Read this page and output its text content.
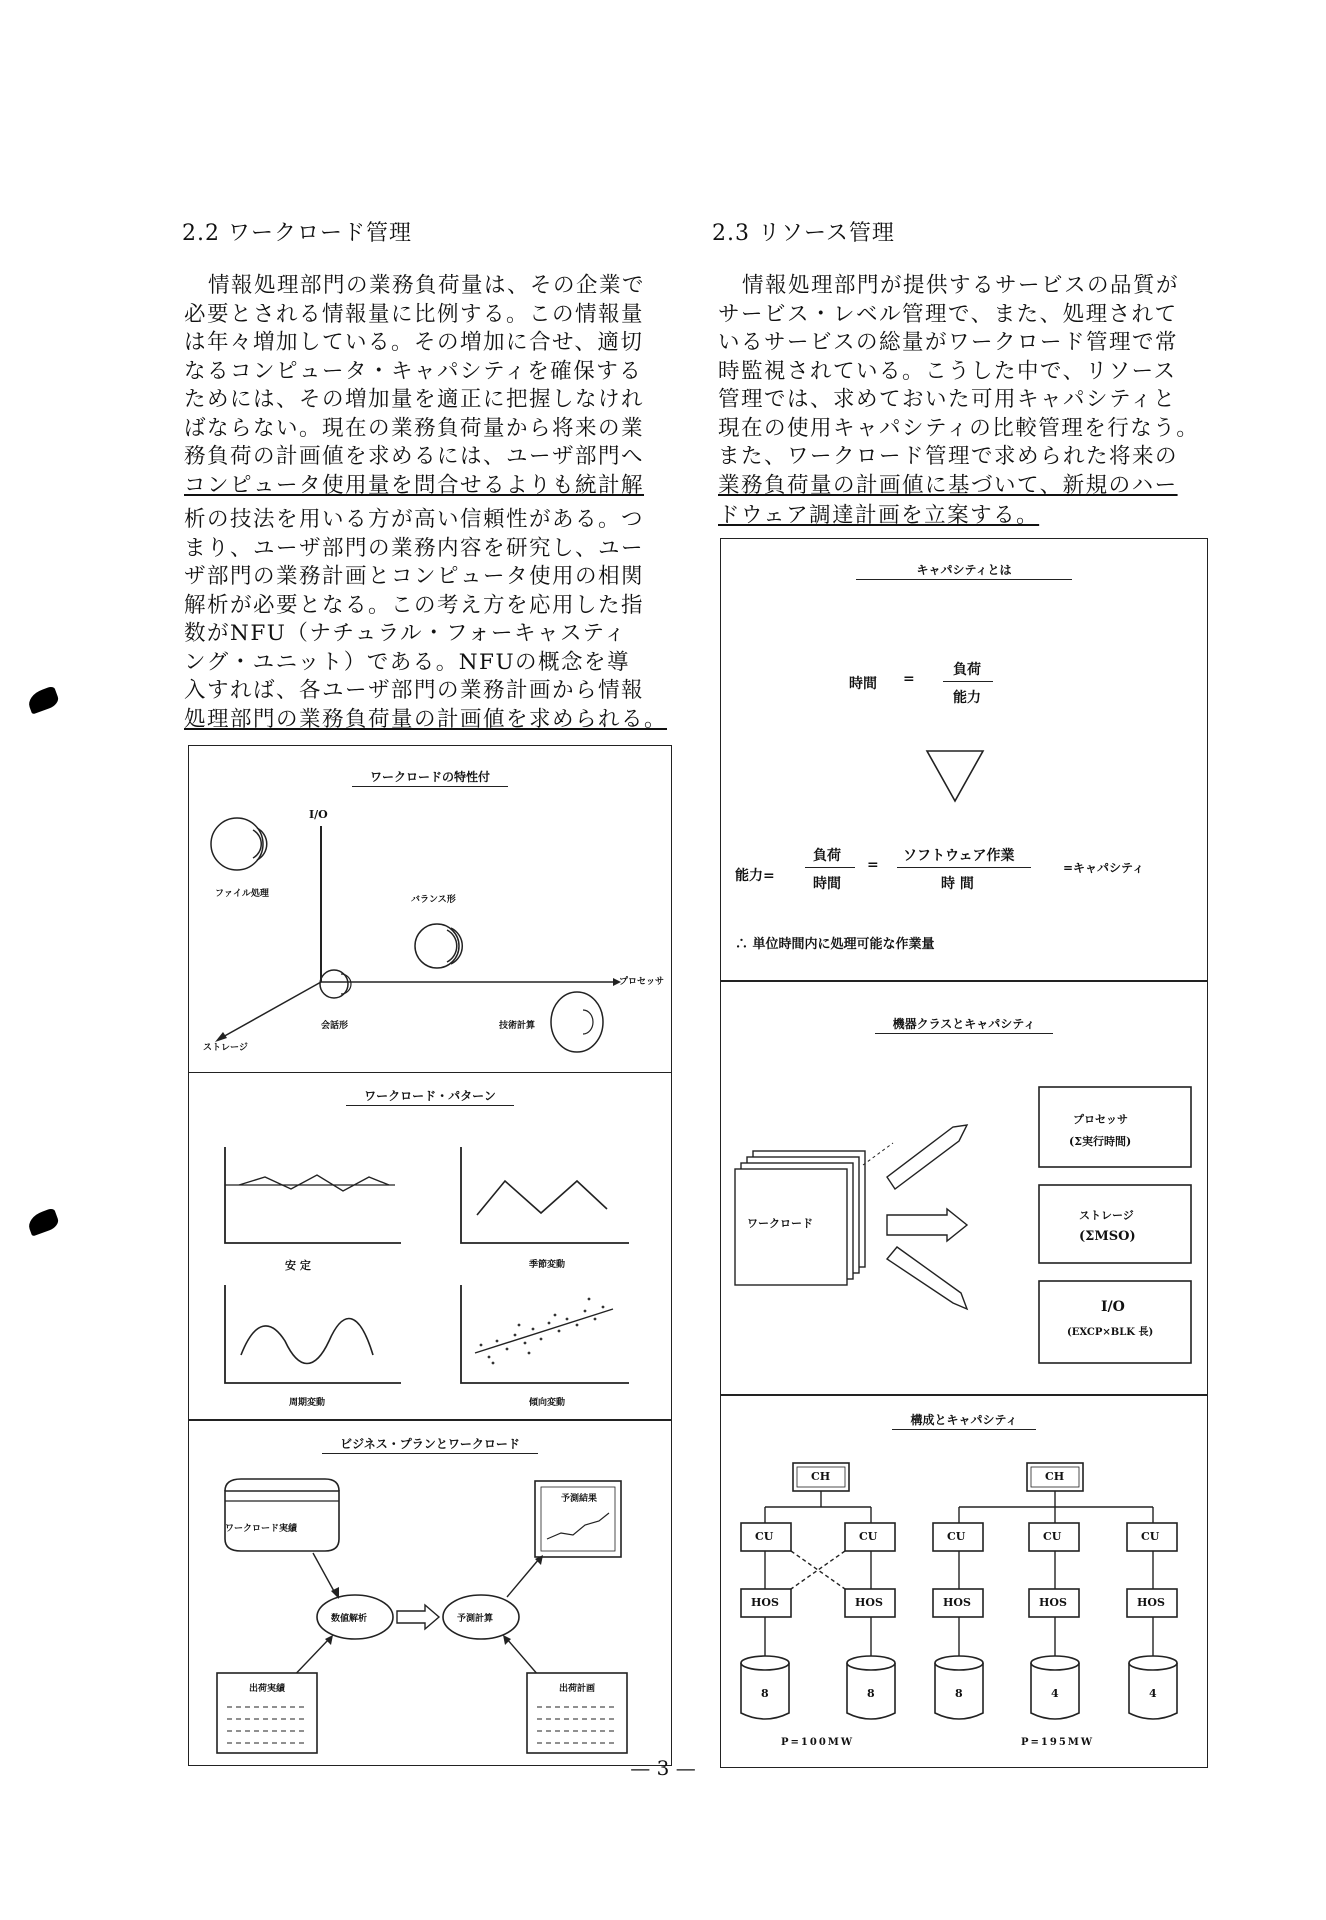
2.2 ワークロード管理
情報処理部門の業務負荷量は、その企業で
必要とされる情報量に比例する。この情報量
は年々増加している。その増加に合せ、適切
なるコンピュータ・キャパシティを確保する
ためには、その増加量を適正に把握しなけれ
ばならない。現在の業務負荷量から将来の業
務負荷の計画値を求めるには、ユーザ部門へ
コンピュータ使用量を問合せるよりも統計解
析の技法を用いる方が高い信頼性がある。つ
まり、ユーザ部門の業務内容を研究し、ユー
ザ部門の業務計画とコンピュータ使用の相関
解析が必要となる。この考え方を応用した指
数がNFU（ナチュラル・フォーキャスティ
ング・ユニット）である。NFUの概念を導
入すれば、各ユーザ部門の業務計画から情報
処理部門の業務負荷量の計画値を求められる。
ワークロードの特性付
I/O
プロセッサ
ストレージ
ファイル処理
バランス形
会話形	技術計算
ワークロード・パターン
安 定	季節変動
周期変動	傾向変動
ビジネス・プランとワークロード
ワークロード実績
予測結果
数値解析	予測計算
出荷実績	出荷計画
2.3 リソース管理
情報処理部門が提供するサービスの品質が
サービス・レベル管理で、また、処理されて
いるサービスの総量がワークロード管理で常
時監視されている。こうした中で、リソース
管理では、求めておいた可用キャパシティと
現在の使用キャパシティの比較管理を行なう。
また、ワークロード管理で求められた将来の
業務負荷量の計画値に基づいて、新規のハー
ドウェア調達計画を立案する。
キャパシティとは
時間 =
負荷
能力
能力=
負荷
時間
=
ソフトウェア作業
時 間
=キャパシティ
∴ 単位時間内に処理可能な作業量
機器クラスとキャパシティ
ワークロード
プロセッサ
(Σ実行時間)
ストレージ
(ΣMSO)
I/O
(EXCP×BLK 長)
構成とキャパシティ
CH	CH
CU	CU	CU	CU	CU
HOS	HOS	HOS	HOS	HOS
8	8	8	4	4
P=100MW	P=195MW
— 3 —
